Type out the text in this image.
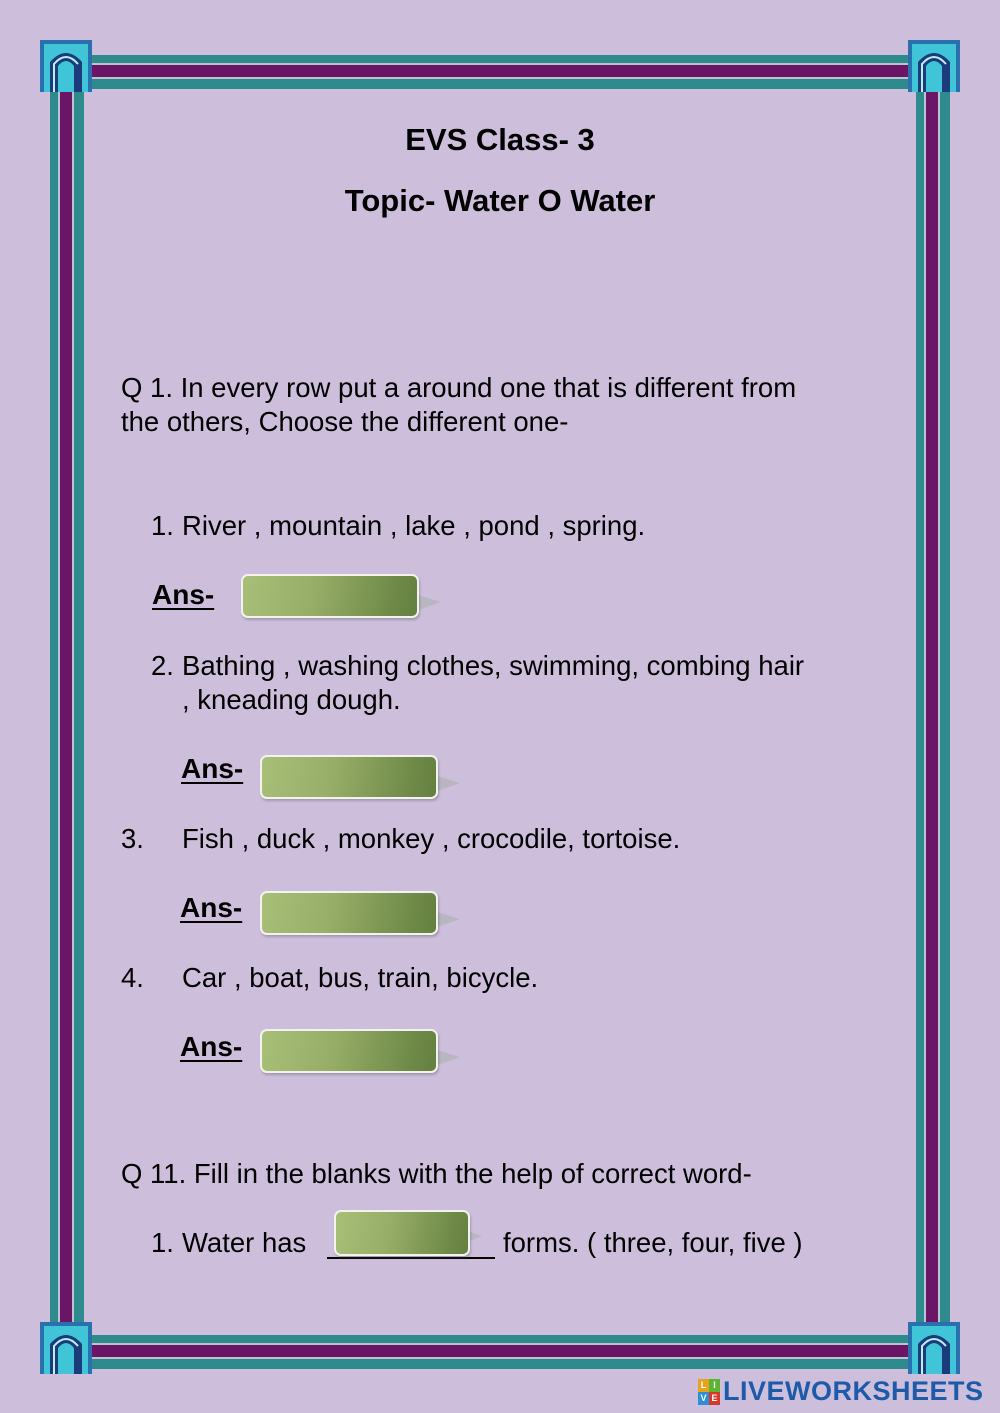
EVS Class- 3
Topic- Water O Water
Q 1. In every row put a around one that is different from
the others, Choose the different one-
1. River , mountain , lake , pond , spring.
Ans-
2. Bathing , washing clothes, swimming, combing hair
, kneading dough.
Ans-
3. Fish , duck , monkey , crocodile, tortoise.
Ans-
4. Car , boat, bus, train, bicycle.
Ans-
Q 11. Fill in the blanks with the help of correct word-
1. Water has	forms. ( three, four, five )
L I
V E LIVEWORKSHEETS
